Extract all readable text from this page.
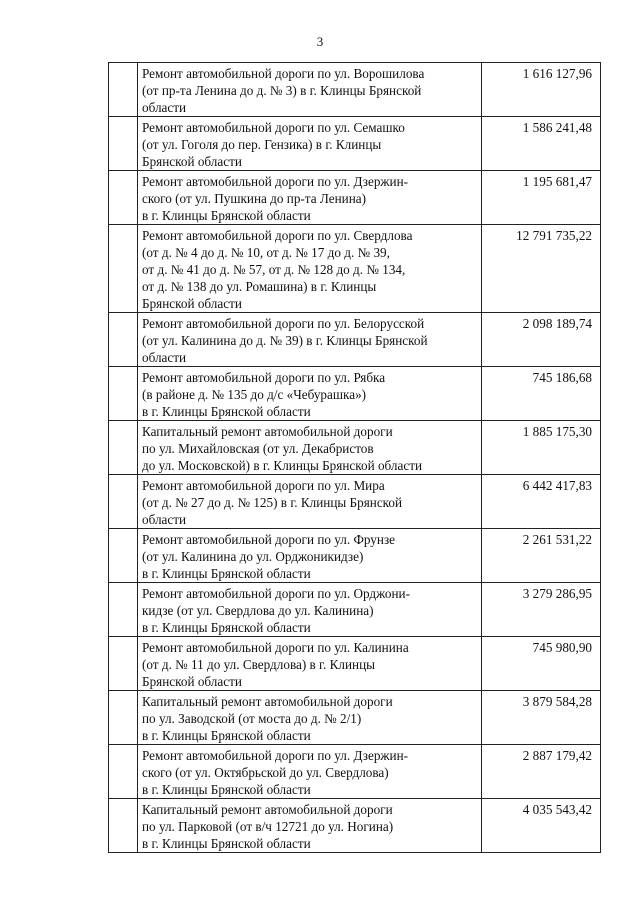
3

	Ремонт автомобильной дороги по ул. Ворошилова
(от пр-та Ленина до д. № 3) в г. Клинцы Брянской
области	1 616 127,96

	Ремонт автомобильной дороги по ул. Семашко
(от ул. Гоголя до пер. Гензика) в г. Клинцы
Брянской области	1 586 241,48

	Ремонт автомобильной дороги по ул. Дзержин-
ского (от ул. Пушкина до пр-та Ленина)
в г. Клинцы Брянской области	1 195 681,47

	Ремонт автомобильной дороги по ул. Свердлова
(от д. № 4 до д. № 10, от д. № 17 до д. № 39,
от д. № 41 до д. № 57, от д. № 128 до д. № 134,
от д. № 138 до ул. Ромашина) в г. Клинцы
Брянской области	12 791 735,22

	Ремонт автомобильной дороги по ул. Белорусской
(от ул. Калинина до д. № 39) в г. Клинцы Брянской
области	2 098 189,74

	Ремонт автомобильной дороги по ул. Рябка
(в районе д. № 135 до д/с «Чебурашка»)
в г. Клинцы Брянской области	745 186,68

	Капитальный ремонт автомобильной дороги
по ул. Михайловская (от ул. Декабристов
до ул. Московской) в г. Клинцы Брянской области	1 885 175,30

	Ремонт автомобильной дороги по ул. Мира
(от д. № 27 до д. № 125) в г. Клинцы Брянской
области	6 442 417,83

	Ремонт автомобильной дороги по ул. Фрунзе
(от ул. Калинина до ул. Орджоникидзе)
в г. Клинцы Брянской области	2 261 531,22

	Ремонт автомобильной дороги по ул. Орджони-
кидзе (от ул. Свердлова до ул. Калинина)
в г. Клинцы Брянской области	3 279 286,95

	Ремонт автомобильной дороги по ул. Калинина
(от д. № 11 до ул. Свердлова) в г. Клинцы
Брянской области	745 980,90

	Капитальный ремонт автомобильной дороги
по ул. Заводской (от моста до д. № 2/1)
в г. Клинцы Брянской области	3 879 584,28

	Ремонт автомобильной дороги по ул. Дзержин-
ского (от ул. Октябрьской до ул. Свердлова)
в г. Клинцы Брянской области	2 887 179,42

	Капитальный ремонт автомобильной дороги
по ул. Парковой (от в/ч 12721 до ул. Ногина)
в г. Клинцы Брянской области	4 035 543,42
